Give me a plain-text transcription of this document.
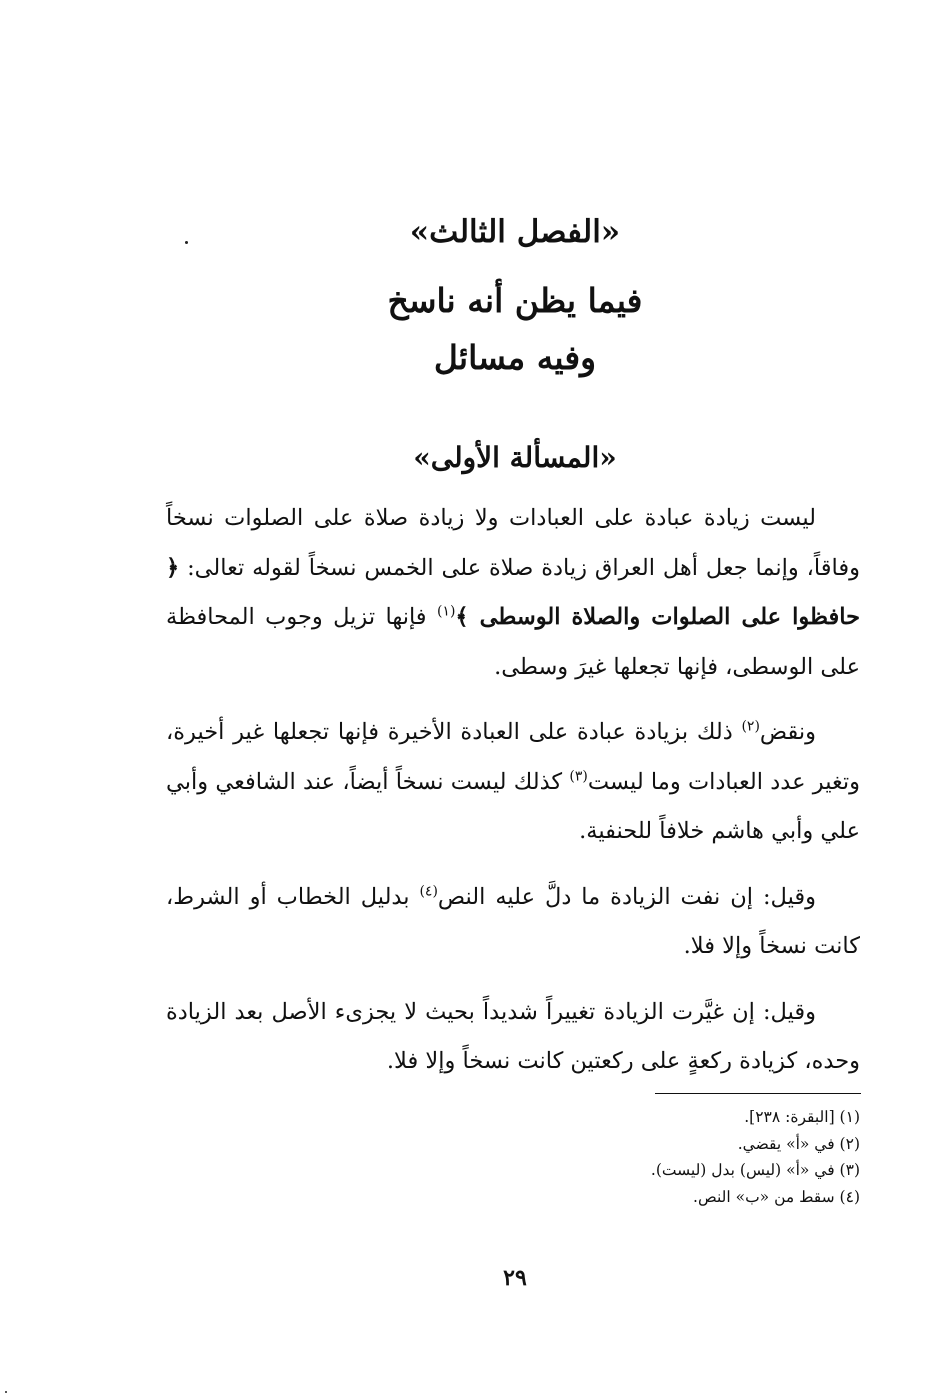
«الفصل الثالث»
فيما يظن أنه ناسخ
وفيه مسائل
«المسألة الأولى»

ليست زيادة عبادة على العبادات ولا زيادة صلاة على الصلوات نسخاً وفاقاً، وإنما جعل أهل العراق زيادة صلاة على الخمس نسخاً لقوله تعالى: ﴿ حافظوا على الصلوات والصلاة الوسطى ﴾$^{(١)}$ فإنها تزيل وجوب المحافظة على الوسطى، فإنها تجعلها غيرَ وسطى.

ونقض$^{(٢)}$ ذلك بزيادة عبادة على العبادة الأخيرة فإنها تجعلها غير أخيرة، وتغير عدد العبادات وما ليست$^{(٣)}$ كذلك ليست نسخاً أيضاً، عند الشافعي وأبي علي وأبي هاشم خلافاً للحنفية.

وقيل: إن نفت الزيادة ما دلَّ عليه النص$^{(٤)}$ بدليل الخطاب أو الشرط، كانت نسخاً وإلا فلا.

وقيل: إن غيَّرت الزيادة تغييراً شديداً بحيث لا يجزىء الأصل بعد الزيادة وحده، كزيادة ركعةٍ على ركعتين كانت نسخاً وإلا فلا.

(١) [البقرة: ٢٣٨].

(٢) في «أ» يقضي.

(٣) في «أ» (ليس) بدل (ليست).

(٤) سقط من «ب» النص.

٢٩
